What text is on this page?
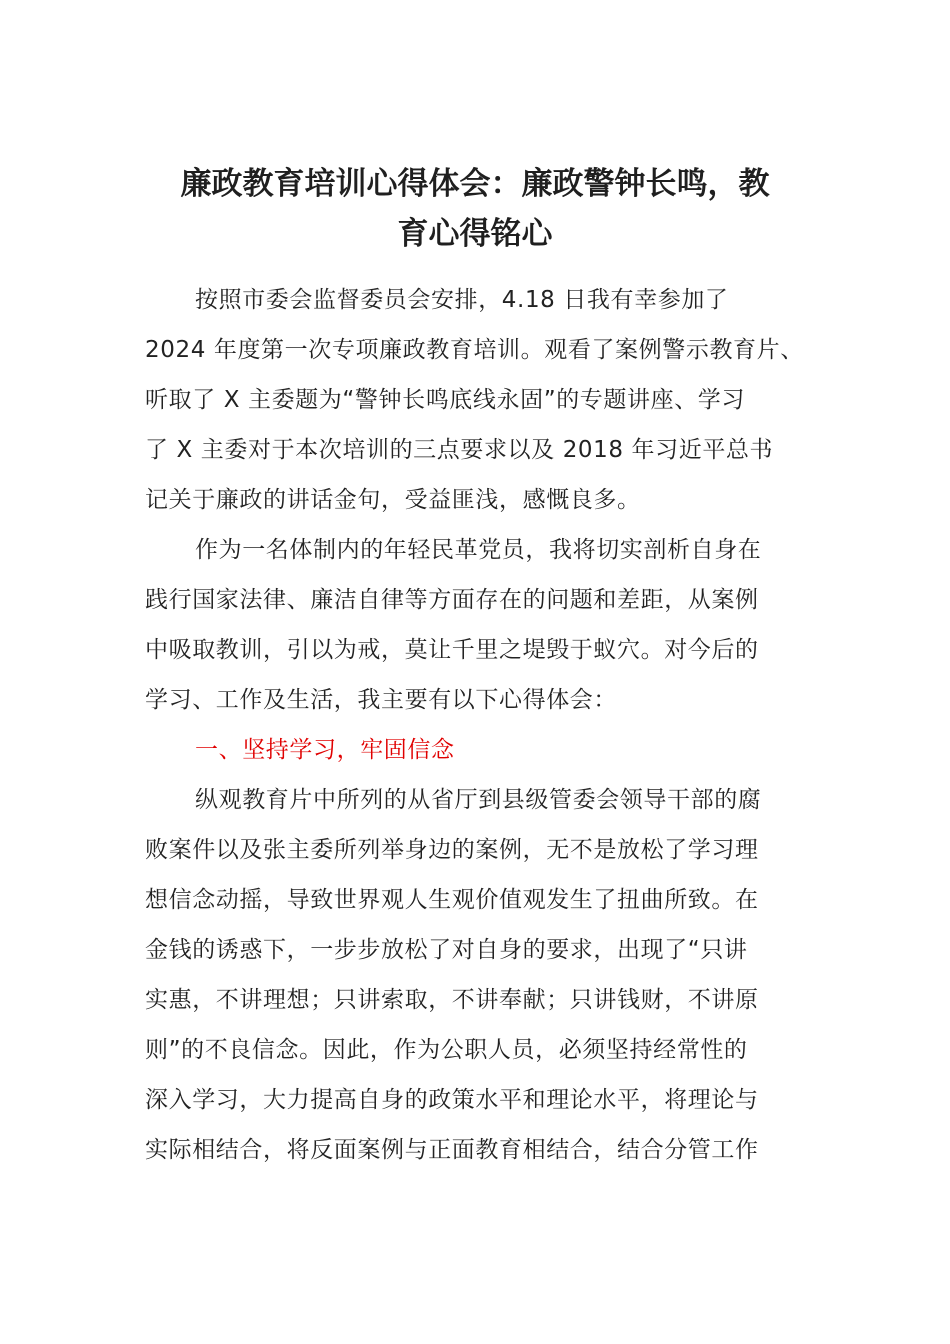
廉政教育培训心得体会：廉政警钟长鸣，教
育心得铭心
按照市委会监督委员会安排，4.18 日我有幸参加了
2024 年度第一次专项廉政教育培训。观看了案例警示教育片、
听取了 X 主委题为“警钟长鸣底线永固”的专题讲座、学习
了 X 主委对于本次培训的三点要求以及 2018 年习近平总书
记关于廉政的讲话金句，受益匪浅，感慨良多。
作为一名体制内的年轻民革党员，我将切实剖析自身在
践行国家法律、廉洁自律等方面存在的问题和差距，从案例
中吸取教训，引以为戒，莫让千里之堤毁于蚁穴。对今后的
学习、工作及生活，我主要有以下心得体会：
一、坚持学习，牢固信念
纵观教育片中所列的从省厅到县级管委会领导干部的腐
败案件以及张主委所列举身边的案例，无不是放松了学习理
想信念动摇，导致世界观人生观价值观发生了扭曲所致。在
金钱的诱惑下，一步步放松了对自身的要求，出现了“只讲
实惠，不讲理想；只讲索取，不讲奉献；只讲钱财，不讲原
则”的不良信念。因此，作为公职人员，必须坚持经常性的
深入学习，大力提高自身的政策水平和理论水平，将理论与
实际相结合，将反面案例与正面教育相结合，结合分管工作
